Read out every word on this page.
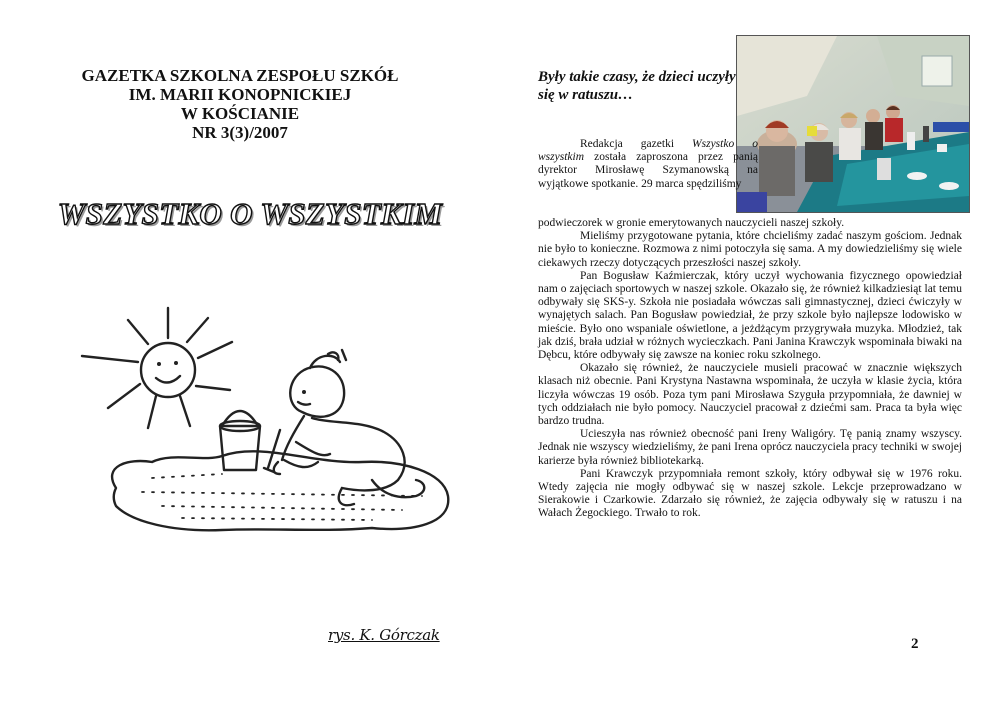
GAZETKA SZKOLNA ZESPOŁU SZKÓŁ
IM. MARII KONOPNICKIEJ
W KOŚCIANIE
NR 3(3)/2007
WSZYSTKO O WSZYSTKIM
rys. K. Górczak
Były takie czasy, że dzieci uczyły się w ratuszu…

Redakcja gazetki Wszystko o wszystkim została zaproszona przez panią dyrektor Mirosławę Szymanowską na wyjątkowe spotkanie. 29 marca spędziliśmy

podwieczorek w gronie emerytowanych nauczycieli naszej szkoły.

Mieliśmy przygotowane pytania, które chcieliśmy zadać naszym gościom. Jednak nie było to konieczne. Rozmowa z nimi potoczyła się sama. A my dowiedzieliśmy się wiele ciekawych rzeczy dotyczących przeszłości naszej szkoły.

Pan Bogusław Kaźmierczak, który uczył wychowania fizycznego opowiedział nam o zajęciach sportowych w naszej szkole. Okazało się, że również kilkadziesiąt lat temu odbywały się SKS-y. Szkoła nie posiadała wówczas sali gimnastycznej, dzieci ćwiczyły w wynajętych salach. Pan Bogusław powiedział, że przy szkole było najlepsze lodowisko w mieście. Było ono wspaniale oświetlone, a jeżdżącym przygrywała muzyka. Młodzież, tak jak dziś, brała udział w różnych wycieczkach. Pani Janina Krawczyk wspominała biwaki na Dębcu, które odbywały się zawsze na koniec roku szkolnego.

Okazało się również, że nauczyciele musieli pracować w znacznie większych klasach niż obecnie. Pani Krystyna Nastawna wspominała, że uczyła w klasie życia, która liczyła wówczas 19 osób. Poza tym pani Mirosława Szyguła przypomniała, że dawniej w tych oddziałach nie było pomocy. Nauczyciel pracował z dziećmi sam. Praca ta była więc bardzo trudna.

Ucieszyła nas również obecność pani Ireny Waligóry. Tę panią znamy wszyscy. Jednak nie wszyscy wiedzieliśmy, że pani Irena oprócz nauczyciela pracy techniki w swojej karierze była również bibliotekarką.

Pani Krawczyk przypomniała remont szkoły, który odbywał się w 1976 roku. Wtedy zajęcia nie mogły odbywać się w naszej szkole. Lekcje przeprowadzano w Sierakowie i Czarkowie. Zdarzało się również, że zajęcia odbywały się w ratuszu i na Wałach Żegockiego. Trwało to rok.

2
